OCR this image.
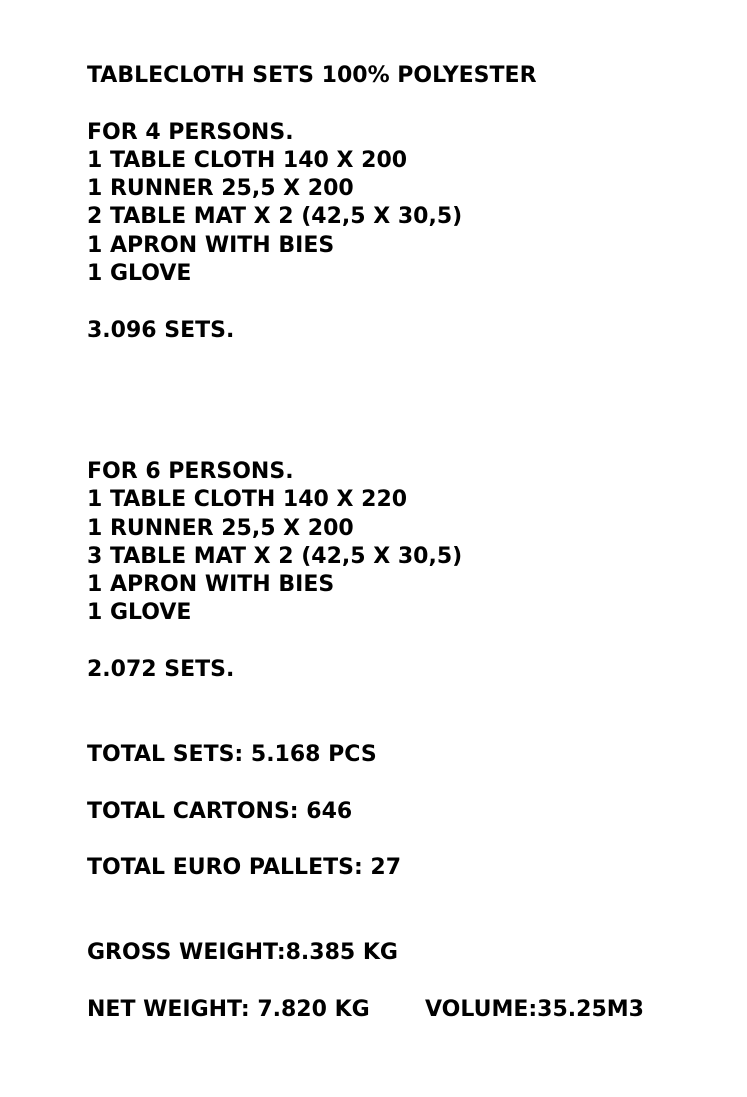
TABLECLOTH SETS 100% POLYESTER

FOR 4 PERSONS.

1 TABLE CLOTH 140 X 200

1 RUNNER 25,5 X 200

2 TABLE MAT X 2 (42,5 X 30,5)

1 APRON WITH BIES

1 GLOVE

3.096 SETS.

FOR 6 PERSONS.

1 TABLE CLOTH 140 X 220

1 RUNNER 25,5 X 200

3 TABLE MAT X 2 (42,5 X 30,5)

1 APRON WITH BIES

1 GLOVE

2.072 SETS.

TOTAL SETS: 5.168 PCS

TOTAL CARTONS: 646

TOTAL EURO PALLETS: 27

GROSS WEIGHT:8.385 KG

NET WEIGHT: 7.820 KG	VOLUME:35.25M3
